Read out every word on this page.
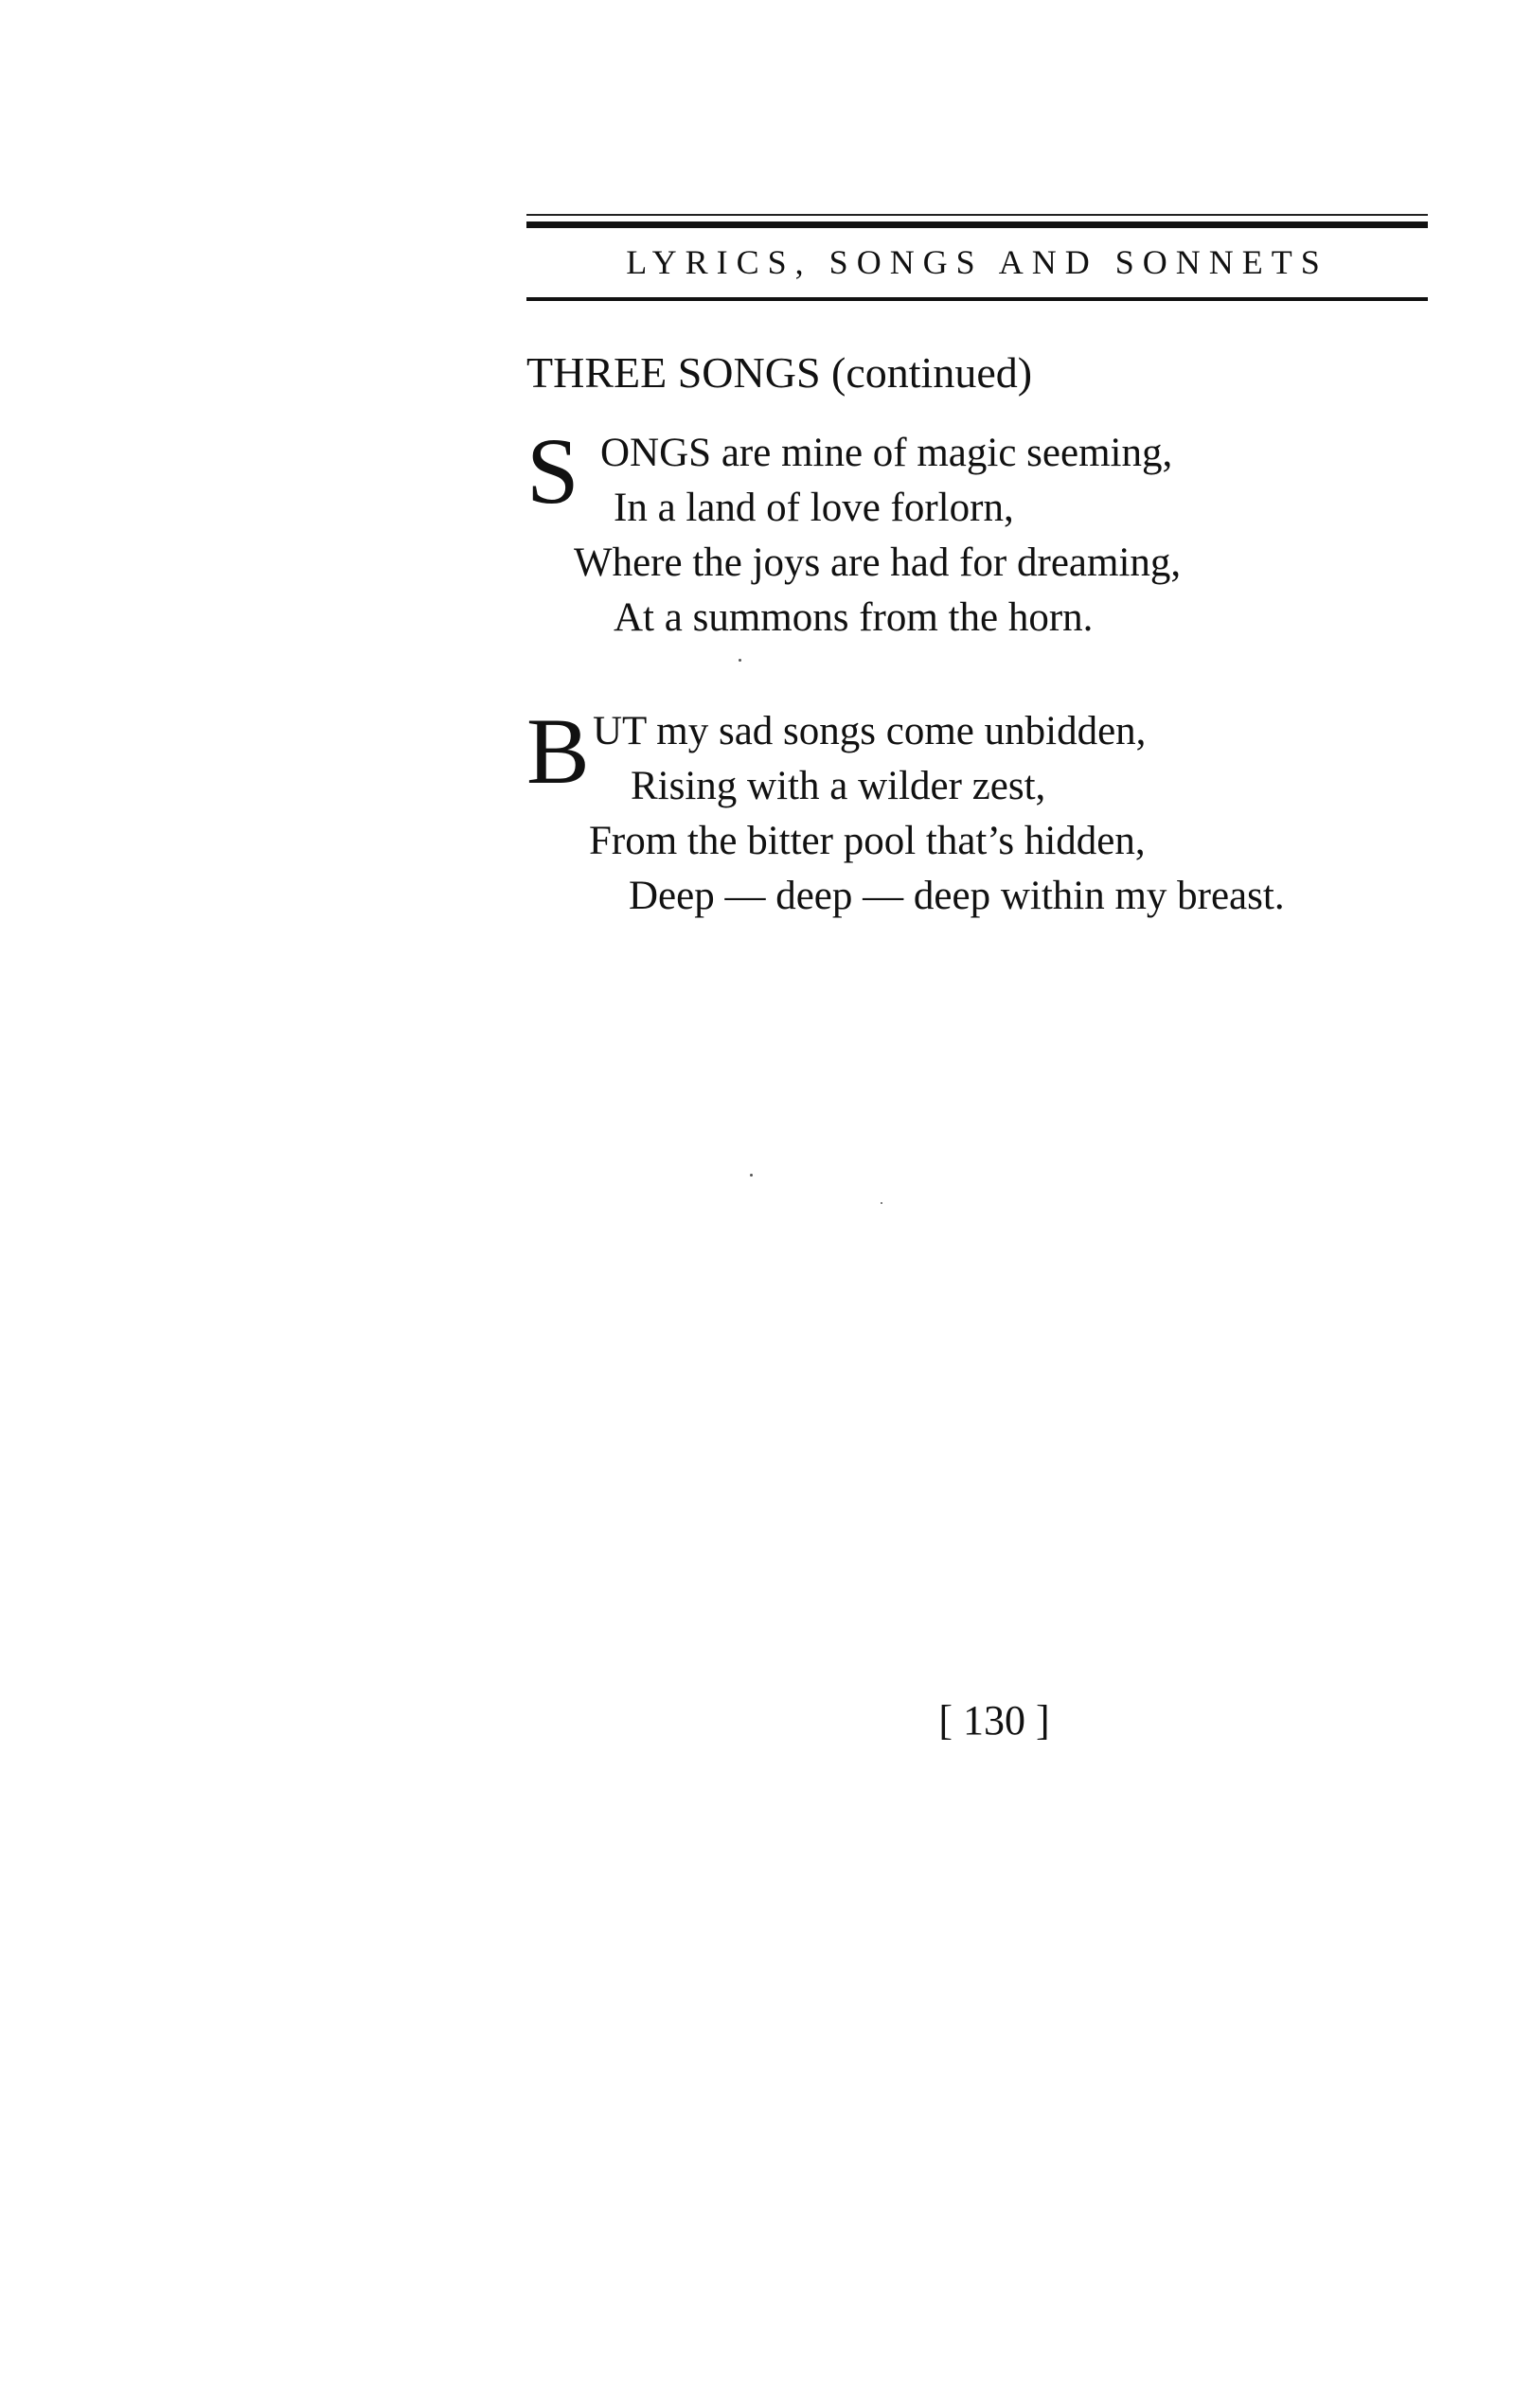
LYRICS, SONGS AND SONNETS
THREE SONGS (continued)
S ONGS are mine of magic seeming,
In a land of love forlorn,
Where the joys are had for dreaming,
At a summons from the horn.
B UT my sad songs come unbidden,
Rising with a wilder zest,
From the bitter pool that’s hidden,
Deep — deep — deep within my breast.
[ 130 ]
